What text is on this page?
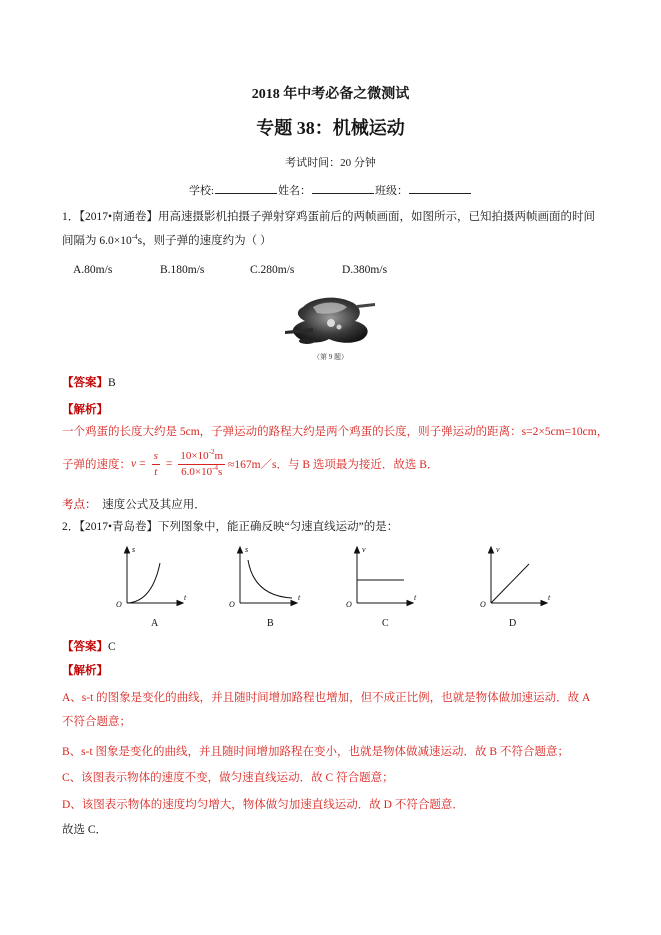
2018 年中考必备之微测试
专题 38：机械运动
考试时间：20 分钟
学校:	姓名：	班级：
1．【2017•南通卷】用高速摄影机拍摄子弹射穿鸡蛋前后的两帧画面，如图所示，已知拍摄两帧画面的时间
间隔为 $6.0\times 10^{-4}s$，则子弹的速度约为（ ）
A.80m/s	B.180m/s	C.280m/s	D.380m/s
（第 9 题）
【答案】B
【解析】
一个鸡蛋的长度大约是 5cm，子弹运动的路程大约是两个鸡蛋的长度，则子弹运动的距离：s=2×5cm=10cm，
子弹的速度： $v = \frac{s}{t} = \frac{10\times 10^{-2}m}{6.0\times 10^{-4}s}$ ≈167m／s．与 B 选项最为接近．故选 B．
考点： 速度公式及其应用．
2．【2017•青岛卷】下列图象中，能正确反映“匀速直线运动”的是：
s
t
O
s
t
O
v
t
O
v
t
O
A	B	C	D
【答案】C
【解析】
A、s-t 的图象是变化的曲线，并且随时间增加路程也增加，但不成正比例，也就是物体做加速运动．故 A
不符合题意；
B、s-t 图象是变化的曲线，并且随时间增加路程在变小，也就是物体做减速运动．故 B 不符合题意；
C、该图表示物体的速度不变，做匀速直线运动．故 C 符合题意；
D、该图表示物体的速度均匀增大，物体做匀加速直线运动．故 D 不符合题意．
故选 C．
